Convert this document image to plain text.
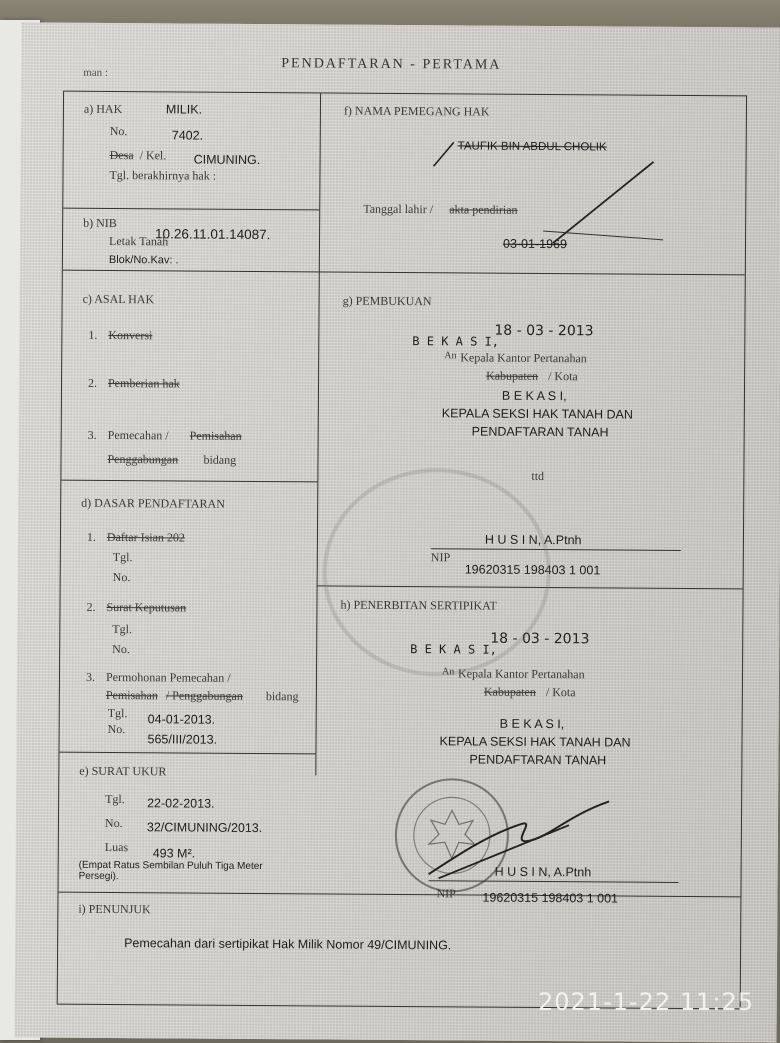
PENDAFTARAN - PERTAMA
man :
a) HAK	MILIK.
No.	7402.
Desa / Kel. CIMUNING.
Tgl. berakhirnya hak :
b) NIB
10.26.11.01.14087.
Letak Tanah
Blok/No.Kav: .
c) ASAL HAK
1. Konversi
2. Pemberian hak
3. Pemecahan / Pemisahan
Penggabungan bidang
d) DASAR PENDAFTARAN
1. Daftar Isian 202
Tgl.
No.
2. Surat Keputusan
Tgl.
No.
3. Permohonan Pemecahan /
Pemisahan / Penggabungan bidang
Tgl.
No.
04-01-2013.
565/III/2013.
e) SURAT UKUR
Tgl. 22-02-2013.
No. 32/CIMUNING/2013.
Luas 493 M².
(Empat Ratus Sembilan Puluh Tiga Meter Persegi).
f) NAMA PEMEGANG HAK
TAUFIK BIN ABDUL CHOLIK
Tanggal lahir / akta pendirian
03-01-1969
g) PEMBUKUAN
B E K A S I,
18 - 03 - 2013
An Kepala Kantor Pertanahan
Kabupaten / Kota
B E K A S I,
KEPALA SEKSI HAK TANAH DAN
PENDAFTARAN TANAH
ttd
H U S I N, A.Ptnh
NIP
19620315 198403 1 001
h) PENERBITAN SERTIPIKAT
B E K A S I,
18 - 03 - 2013
An Kepala Kantor Pertanahan
Kabupaten / Kota
B E K A S I,
KEPALA SEKSI HAK TANAH DAN
PENDAFTARAN TANAH
H U S I N, A.Ptnh
NIP 19620315 198403 1 001
i) PENUNJUK
Pemecahan dari sertipikat Hak Milik Nomor 49/CIMUNING.
2021-1-22 11:25
